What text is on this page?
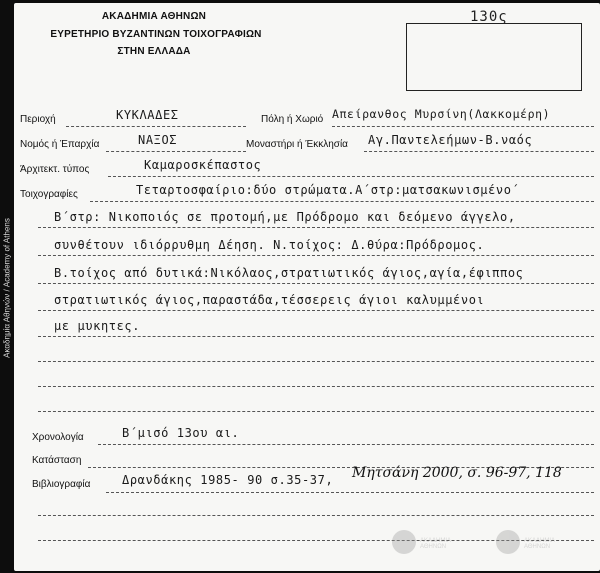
Ακαδημία Αθηνών / Academy of Athens
ΑΚΑΔΗΜΙΑ ΑΘΗΝΩΝ
ΕΥΡΕΤΗΡΙΟ ΒΥΖΑΝΤΙΝΩΝ ΤΟΙΧΟΓΡΑΦΙΩΝ
ΣΤΗΝ ΕΛΛΑΔΑ
130ς
Περιοχή	ΚΥΚΛΑΔΕΣ	Πόλη ή Χωριό Απείρανθος Μυρσίνη(Λακκομέρη)
Νομός ή Έπαρχία	ΝΑΞΟΣ	Μοναστήρι ή Έκκλησία Αγ.Παντελεήμων-Β.ναός
Άρχιτεκτ. τύπος	Καμαροσκέπαστος
Τοιχογραφίες	Τεταρτοσφαίριο:δύο στρώματα.Α΄στρ:ματσακωνισμένο΄
Β΄στρ: Νικοποιός σε προτομή,με Πρόδρομο και δεόμενο άγγελο,
συνθέτουν ιδιόρρυθμη Δέηση. Ν.τοίχος: Δ.θύρα:Πρόδρομος.
Β.τοίχος από δυτικά:Νικόλαος,στρατιωτικός άγιος,αγία,έφιππος
στρατιωτικός άγιος,παραστάδα,τέσσερεις άγιοι καλυμμένοι
με μυκητες.
Χρονολογία	Β΄μισό 13ου αι.
Κατάσταση
Βιβλιογραφία	Δρανδάκης 1985- 90 σ.35-37, Μητσάνη 2000, σ. 96-97, 118
ΑΚΑΔΗΜΙΑ ΑΘΗΝΩΝ
ΑΚΑΔΗΜΙΑ ΑΘΗΝΩΝ
